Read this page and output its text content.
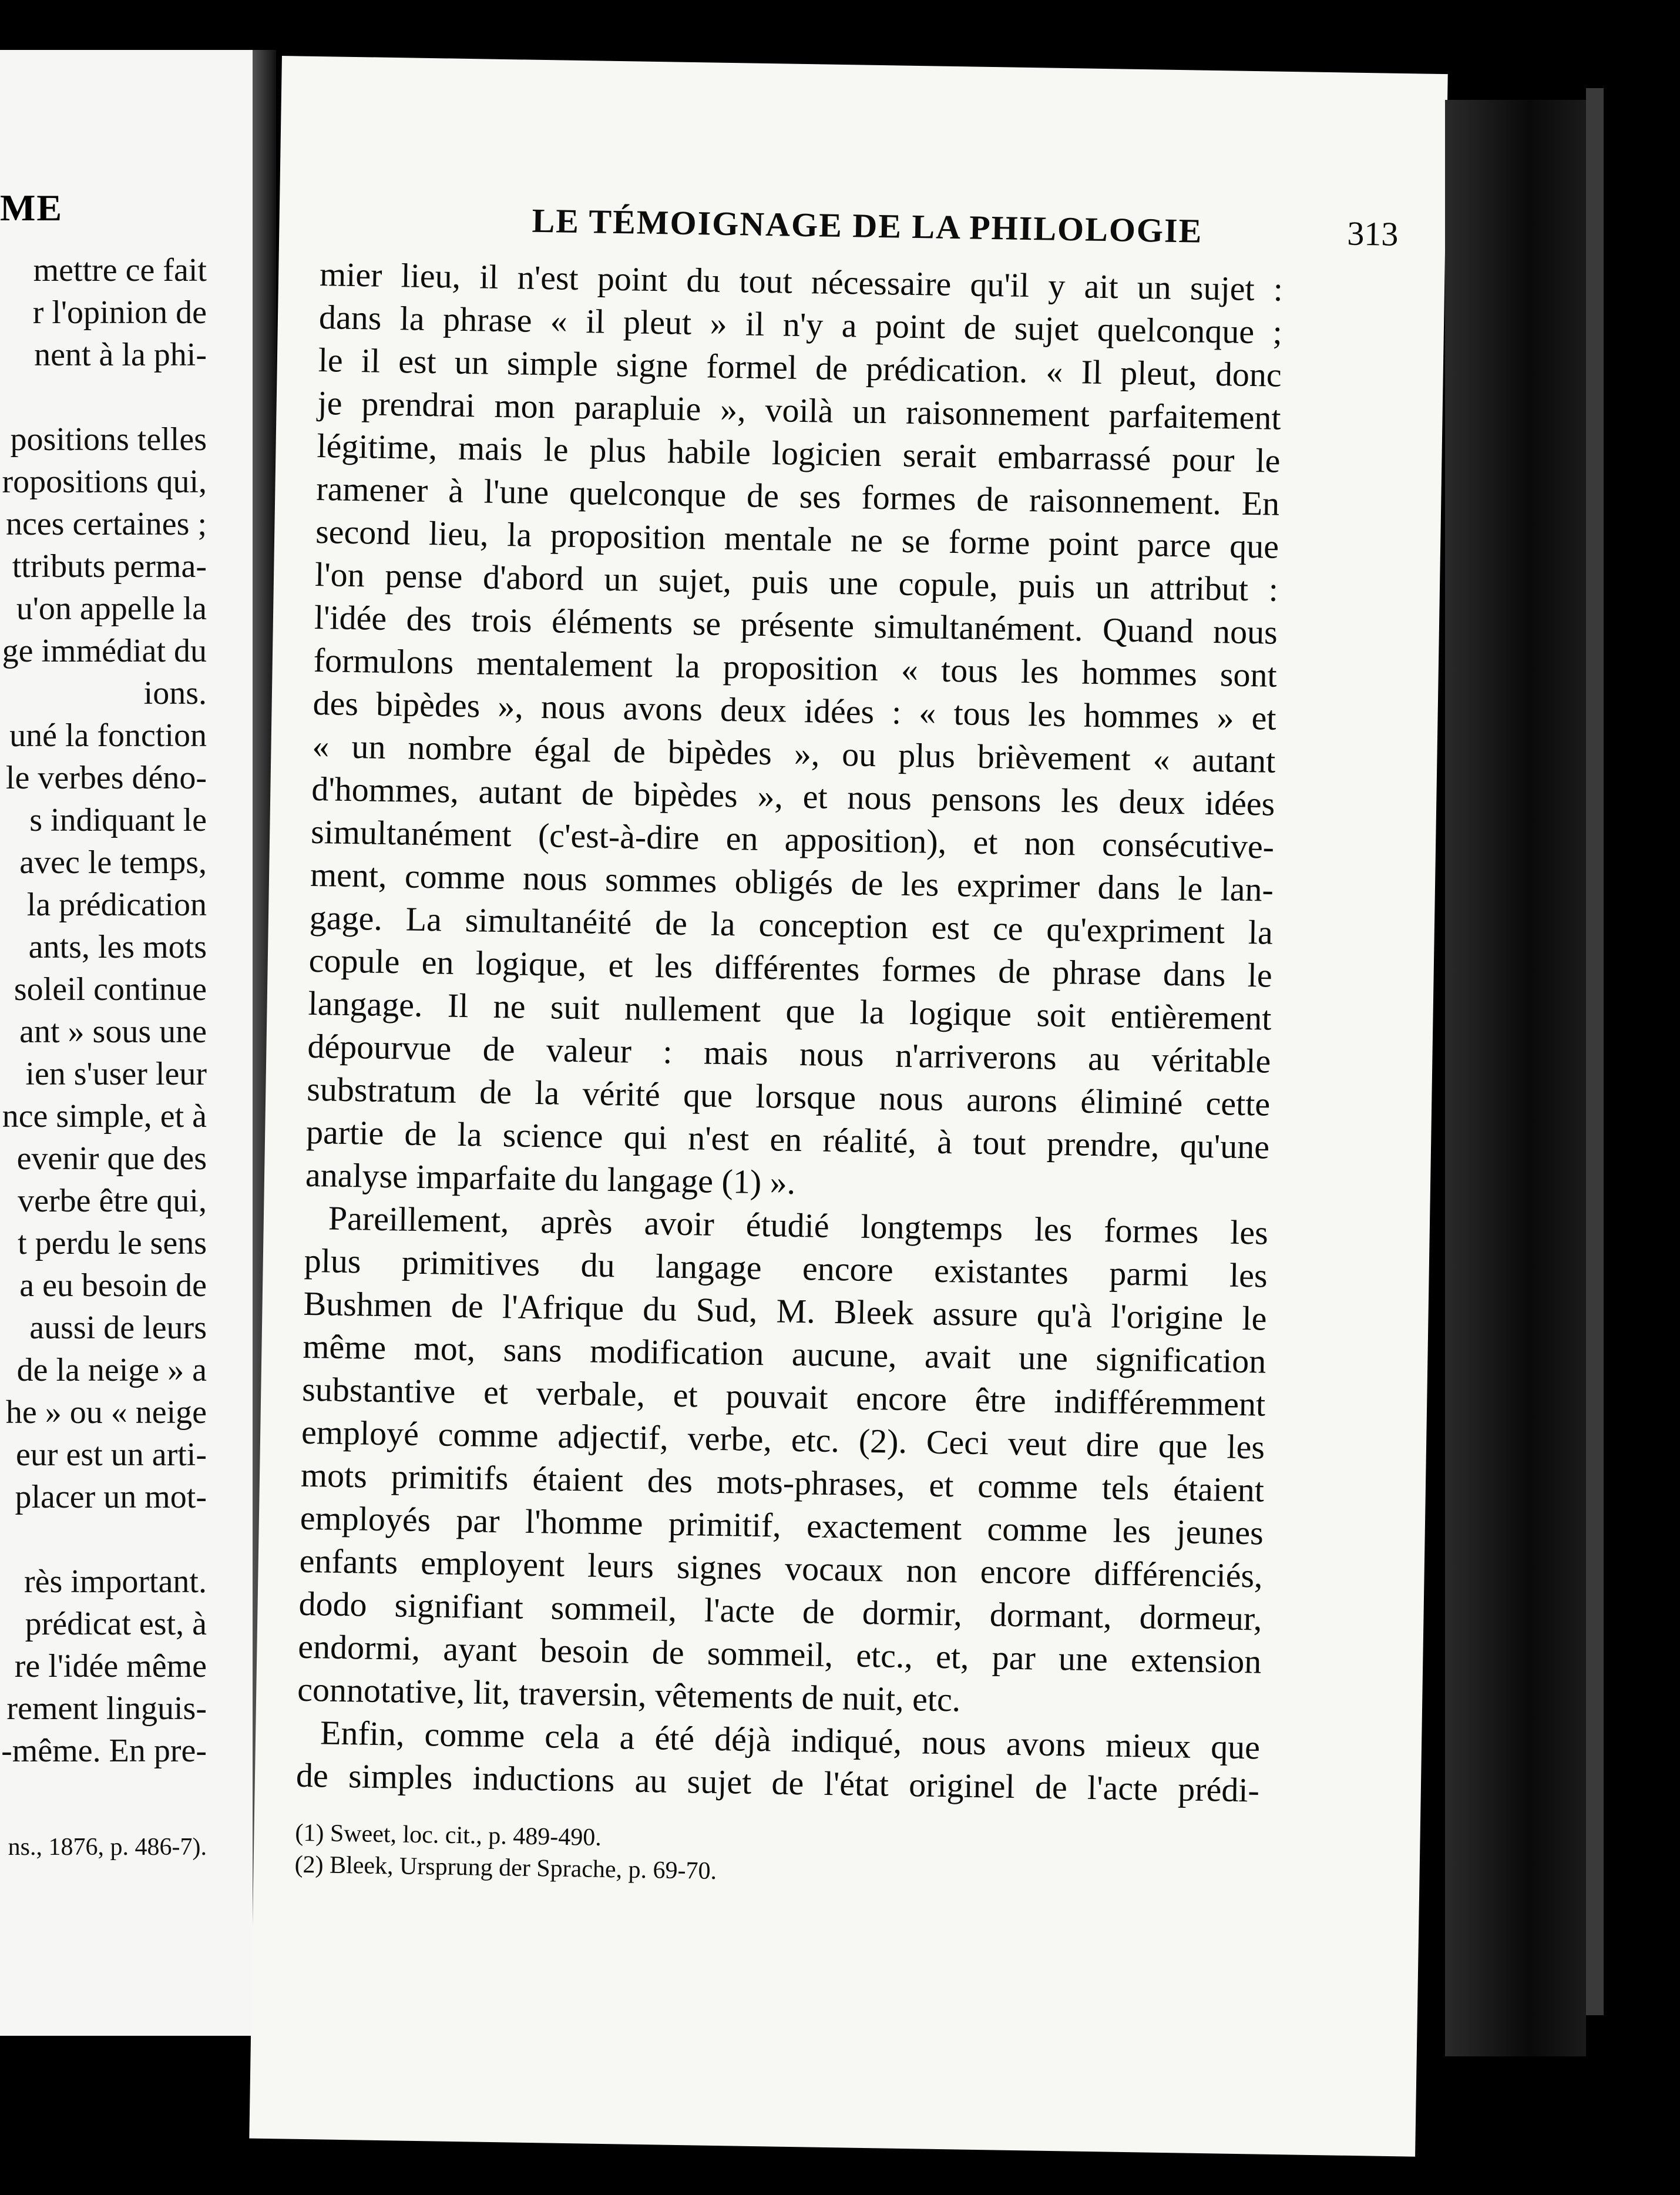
ME
mettre ce fait
r l'opinion de
nent à la phi-
positions telles
ropositions qui,
nces certaines ;
ttributs perma-
u'on appelle la
ge immédiat du
ions.
uné la fonction
le verbes déno-
s indiquant le
avec le temps,
la prédication
ants, les mots
soleil continue
ant » sous une
ien s'user leur
nce simple, et à
evenir que des
verbe être qui,
t perdu le sens
a eu besoin de
aussi de leurs
de la neige » a
he » ou « neige
eur est un arti-
placer un mot-
rès important.
prédicat est, à
re l'idée même
rement linguis-
-même. En pre-
ns., 1876, p. 486-7).
LE TÉMOIGNAGE DE LA PHILOLOGIE	313
mier lieu, il n'est point du tout nécessaire qu'il y ait un sujet :
dans la phrase « il pleut » il n'y a point de sujet quelconque ;
le il est un simple signe formel de prédication. « Il pleut, donc
je prendrai mon parapluie », voilà un raisonnement parfaitement
légitime, mais le plus habile logicien serait embarrassé pour le
ramener à l'une quelconque de ses formes de raisonnement. En
second lieu, la proposition mentale ne se forme point parce que
l'on pense d'abord un sujet, puis une copule, puis un attribut :
l'idée des trois éléments se présente simultanément. Quand nous
formulons mentalement la proposition « tous les hommes sont
des bipèdes », nous avons deux idées : « tous les hommes » et
« un nombre égal de bipèdes », ou plus brièvement « autant
d'hommes, autant de bipèdes », et nous pensons les deux idées
simultanément (c'est-à-dire en apposition), et non consécutive-
ment, comme nous sommes obligés de les exprimer dans le lan-
gage. La simultanéité de la conception est ce qu'expriment la
copule en logique, et les différentes formes de phrase dans le
langage. Il ne suit nullement que la logique soit entièrement
dépourvue de valeur : mais nous n'arriverons au véritable
substratum de la vérité que lorsque nous aurons éliminé cette
partie de la science qui n'est en réalité, à tout prendre, qu'une
analyse imparfaite du langage (1) ».
Pareillement, après avoir étudié longtemps les formes les
plus primitives du langage encore existantes parmi les
Bushmen de l'Afrique du Sud, M. Bleek assure qu'à l'origine le
même mot, sans modification aucune, avait une signification
substantive et verbale, et pouvait encore être indifféremment
employé comme adjectif, verbe, etc. (2). Ceci veut dire que les
mots primitifs étaient des mots-phrases, et comme tels étaient
employés par l'homme primitif, exactement comme les jeunes
enfants employent leurs signes vocaux non encore différenciés,
dodo signifiant sommeil, l'acte de dormir, dormant, dormeur,
endormi, ayant besoin de sommeil, etc., et, par une extension
connotative, lit, traversin, vêtements de nuit, etc.
Enfin, comme cela a été déjà indiqué, nous avons mieux que
de simples inductions au sujet de l'état originel de l'acte prédi-
(1) Sweet, loc. cit., p. 489-490.
(2) Bleek, Ursprung der Sprache, p. 69-70.
